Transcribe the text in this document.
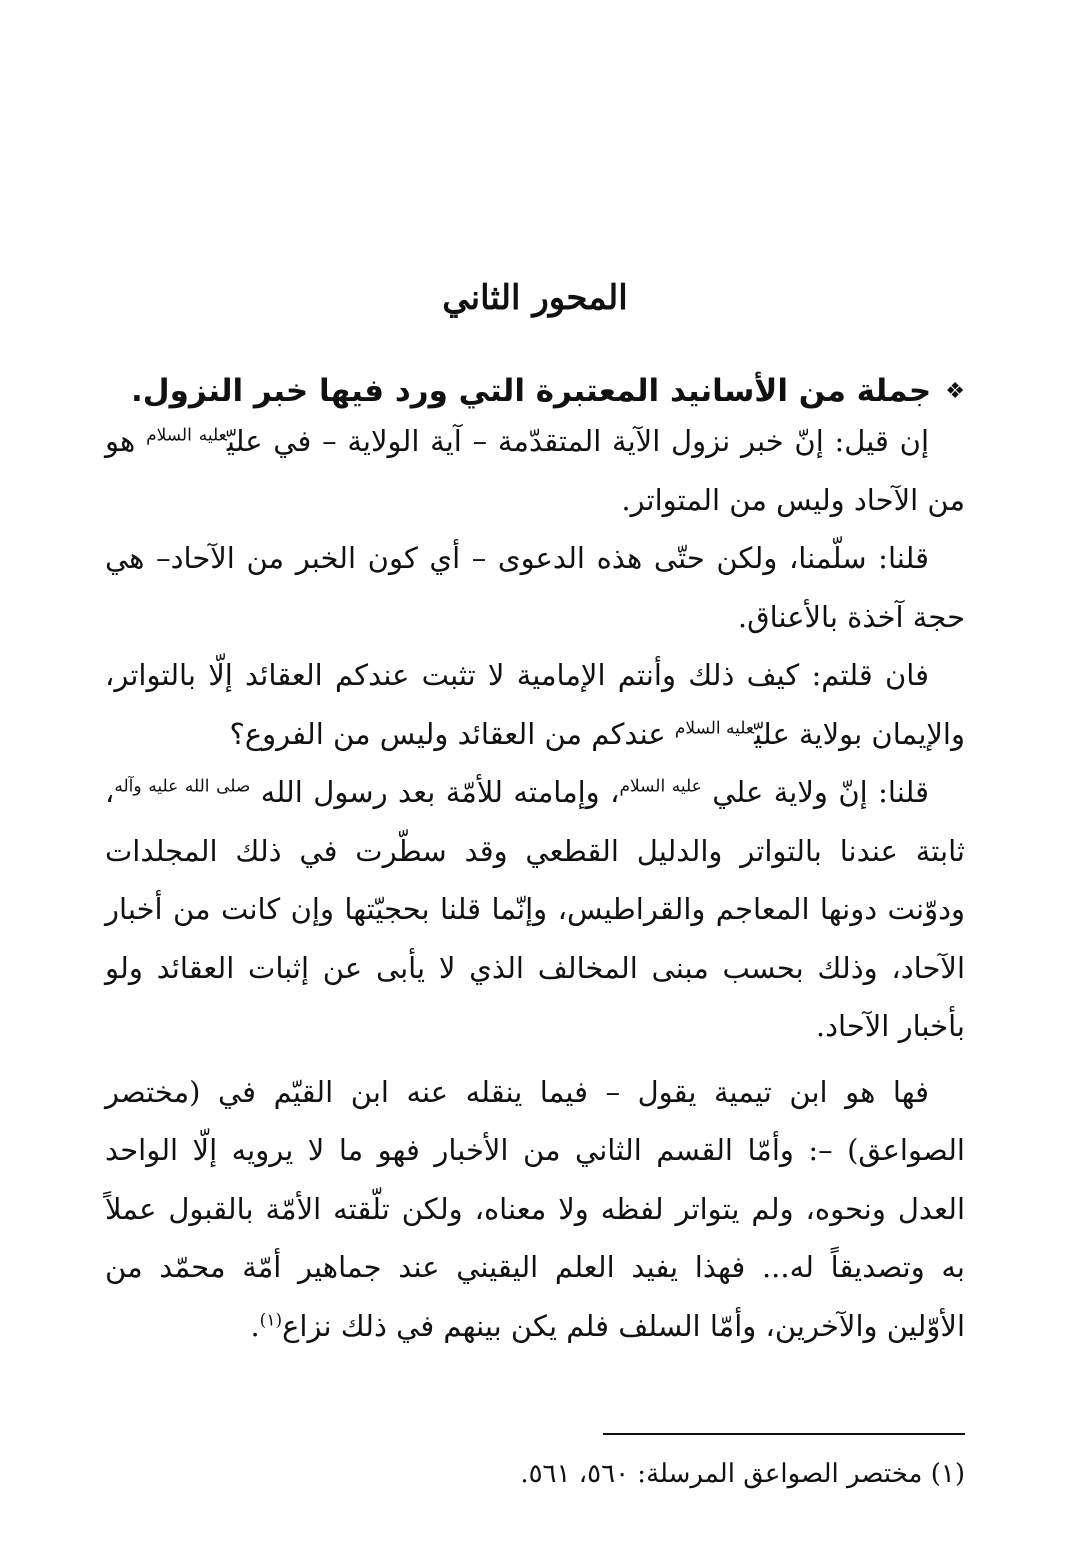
المحور الثاني
❖جملة من الأسانيد المعتبرة التي ورد فيها خبر النزول.

إن قيل: إنّ خبر نزول الآية المتقدّمة – آية الولاية – في عليّ$^{عليه السلام}$ هو من الآحاد وليس من المتواتر.

قلنا: سلّمنا، ولكن حتّى هذه الدعوى – أي كون الخبر من الآحاد– هي حجة آخذة بالأعناق.

فان قلتم: كيف ذلك وأنتم الإمامية لا تثبت عندكم العقائد إلّا بالتواتر، والإيمان بولاية عليّ$^{عليه السلام}$ عندكم من العقائد وليس من الفروع؟

قلنا: إنّ ولاية علي $^{عليه السلام}$، وإمامته للأمّة بعد رسول الله $^{صلى الله عليه وآله}$، ثابتة عندنا بالتواتر والدليل القطعي وقد سطّرت في ذلك المجلدات ودوّنت دونها المعاجم والقراطيس، وإنّما قلنا بحجيّتها وإن كانت من أخبار الآحاد، وذلك بحسب مبنى المخالف الذي لا يأبى عن إثبات العقائد ولو بأخبار الآحاد.

فها هو ابن تيمية يقول – فيما ينقله عنه ابن القيّم في (مختصر الصواعق) –: وأمّا القسم الثاني من الأخبار فهو ما لا يرويه إلّا الواحد العدل ونحوه، ولم يتواتر لفظه ولا معناه، ولكن تلّقته الأمّة بالقبول عملاً به وتصديقاً له... فهذا يفيد العلم اليقيني عند جماهير أمّة محمّد من الأوّلين والآخرين، وأمّا السلف فلم يكن بينهم في ذلك نزاع$^{(١)}$.

(١) مختصر الصواعق المرسلة: ٥٦٠، ٥٦١.
